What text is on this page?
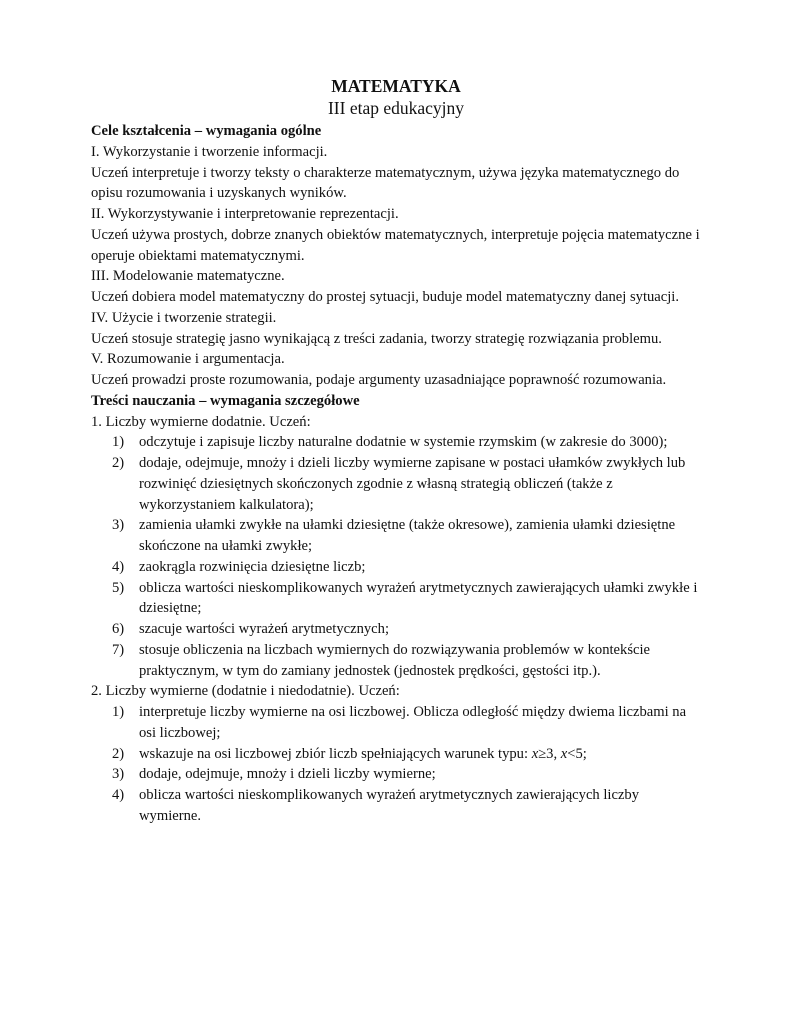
MATEMATYKA
III etap edukacyjny
Cele kształcenia – wymagania ogólne

I. Wykorzystanie i tworzenie informacji.

Uczeń interpretuje i tworzy teksty o charakterze matematycznym, używa języka matematycznego do opisu rozumowania i uzyskanych wyników.

II. Wykorzystywanie i interpretowanie reprezentacji.

Uczeń używa prostych, dobrze znanych obiektów matematycznych, interpretuje pojęcia matematyczne i operuje obiektami matematycznymi.

III. Modelowanie matematyczne.

Uczeń dobiera model matematyczny do prostej sytuacji, buduje model matematyczny danej sytuacji.

IV. Użycie i tworzenie strategii.

Uczeń stosuje strategię jasno wynikającą z treści zadania, tworzy strategię rozwiązania problemu.

V. Rozumowanie i argumentacja.

Uczeń prowadzi proste rozumowania, podaje argumenty uzasadniające poprawność rozumowania.

Treści nauczania – wymagania szczegółowe

1. Liczby wymierne dodatnie. Uczeń:

1) odczytuje i zapisuje liczby naturalne dodatnie w systemie rzymskim (w zakresie do 3000);
2) dodaje, odejmuje, mnoży i dzieli liczby wymierne zapisane w postaci ułamków zwykłych lub rozwinięć dziesiętnych skończonych zgodnie z własną strategią obliczeń (także z wykorzystaniem kalkulatora);
3) zamienia ułamki zwykłe na ułamki dziesiętne (także okresowe), zamienia ułamki dziesiętne skończone na ułamki zwykłe;
4) zaokrągla rozwinięcia dziesiętne liczb;
5) oblicza wartości nieskomplikowanych wyrażeń arytmetycznych zawierających ułamki zwykłe i dziesiętne;
6) szacuje wartości wyrażeń arytmetycznych;
7) stosuje obliczenia na liczbach wymiernych do rozwiązywania problemów w kontekście praktycznym, w tym do zamiany jednostek (jednostek prędkości, gęstości itp.).

2. Liczby wymierne (dodatnie i niedodatnie). Uczeń:

1) interpretuje liczby wymierne na osi liczbowej. Oblicza odległość między dwiema liczbami na osi liczbowej;
2) wskazuje na osi liczbowej zbiór liczb spełniających warunek typu: x≥3, x<5;
3) dodaje, odejmuje, mnoży i dzieli liczby wymierne;
4) oblicza wartości nieskomplikowanych wyrażeń arytmetycznych zawierających liczby wymierne.
